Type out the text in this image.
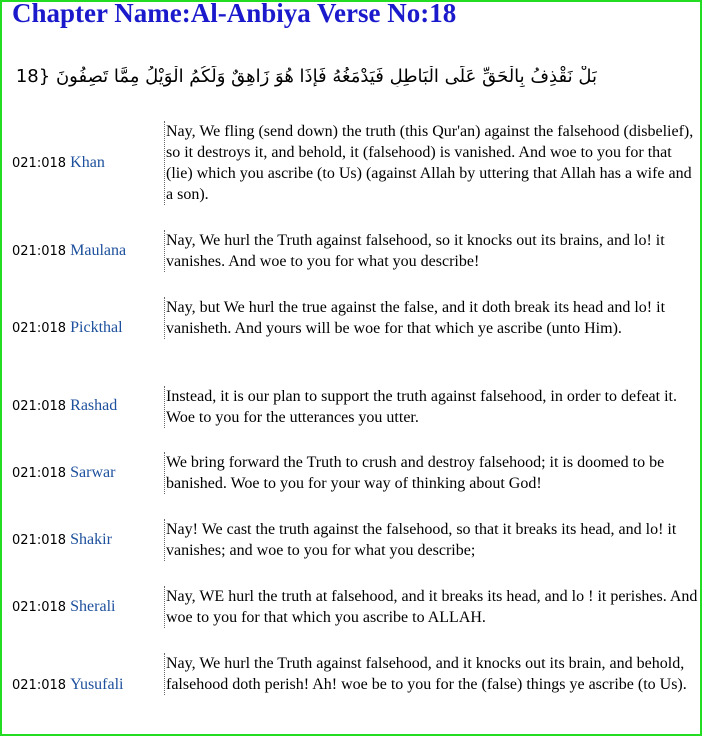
Chapter Name:Al-Anbiya Verse No:18
بَلْ نَقْذِفُ بِالْحَقِّ عَلَى الْبَاطِلِ فَيَدْمَغُهُ فَإِذَا هُوَ زَاهِقٌ وَلَكُمُ الْوَيْلُ مِمَّا تَصِفُونَ {18
021:018 Khan
Nay, We fling (send down) the truth (this Qur'an) against the falsehood (disbelief), so it destroys it, and behold, it (falsehood) is vanished. And woe to you for that (lie) which you ascribe (to Us) (against Allah by uttering that Allah has a wife and a son).
021:018 Maulana
Nay, We hurl the Truth against falsehood, so it knocks out its brains, and lo! it vanishes. And woe to you for what you describe!
021:018 Pickthal
Nay, but We hurl the true against the false, and it doth break its head and lo! it vanisheth. And yours will be woe for that which ye ascribe (unto Him).
021:018 Rashad
Instead, it is our plan to support the truth against falsehood, in order to defeat it. Woe to you for the utterances you utter.
021:018 Sarwar
We bring forward the Truth to crush and destroy falsehood; it is doomed to be banished. Woe to you for your way of thinking about God!
021:018 Shakir
Nay! We cast the truth against the falsehood, so that it breaks its head, and lo! it vanishes; and woe to you for what you describe;
021:018 Sherali
Nay, WE hurl the truth at falsehood, and it breaks its head, and lo ! it perishes. And woe to you for that which you ascribe to ALLAH.
021:018 Yusufali
Nay, We hurl the Truth against falsehood, and it knocks out its brain, and behold, falsehood doth perish! Ah! woe be to you for the (false) things ye ascribe (to Us).
